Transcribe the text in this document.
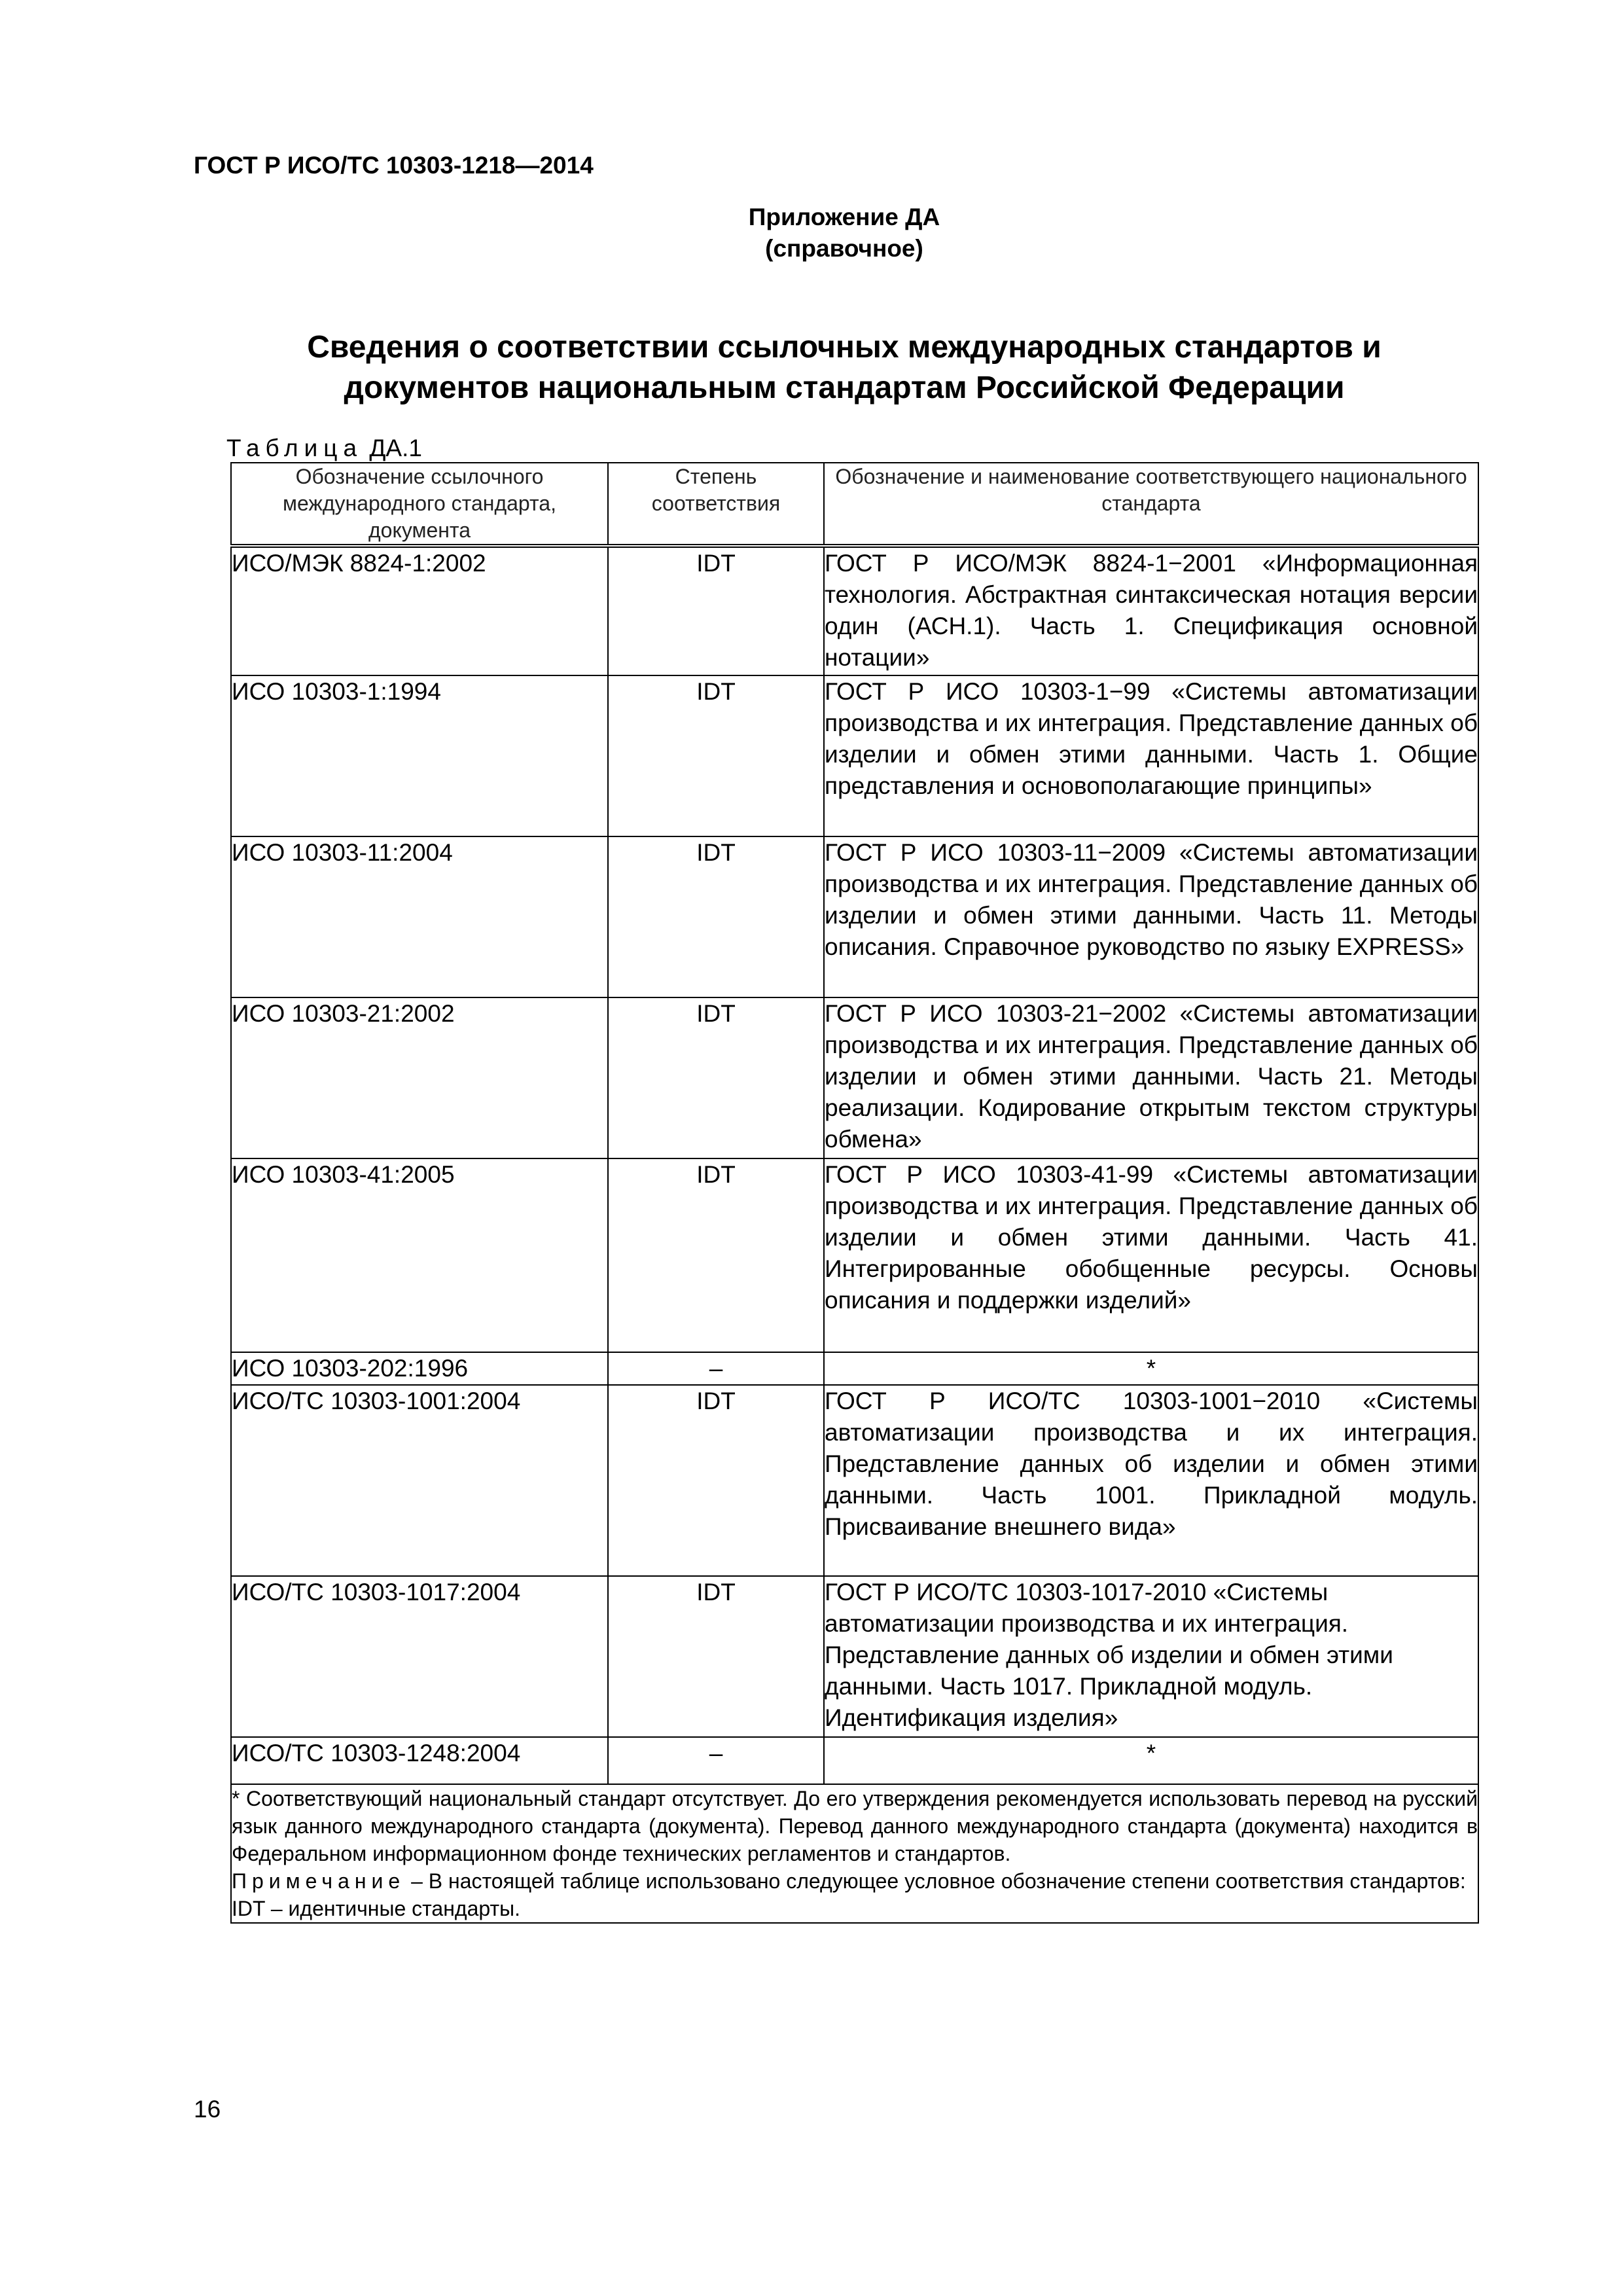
ГОСТ Р ИСО/ТС 10303-1218—2014
Приложение ДА
(справочное)
Сведения о соответствии ссылочных международных стандартов и
документов национальным стандартам Российской Федерации
Таблица ДА.1
Обозначение ссылочного международного стандарта, документа	Степень соответствия	Обозначение и наименование соответствующего национального стандарта
ИСО/МЭК 8824-1:2002	IDT	ГОСТ Р ИСО/МЭК 8824-1−2001 «Информационная технология. Абстрактная синтаксическая нотация версии один (АСН.1). Часть 1. Спецификация основной нотации»
ИСО 10303-1:1994	IDT	ГОСТ Р ИСО 10303-1−99 «Системы автоматизации производства и их интеграция. Представление данных об изделии и обмен этими данными. Часть 1. Общие представления и основополагающие принципы»
ИСО 10303-11:2004	IDT	ГОСТ Р ИСО 10303-11−2009 «Системы автоматизации производства и их интеграция. Представление данных об изделии и обмен этими данными. Часть 11. Методы описания. Справочное руководство по языку EXPRESS»
ИСО 10303-21:2002	IDT	ГОСТ Р ИСО 10303-21−2002 «Системы автоматизации производства и их интеграция. Представление данных об изделии и обмен этими данными. Часть 21. Методы реализации. Кодирование открытым текстом структуры обмена»
ИСО 10303-41:2005	IDT	ГОСТ Р ИСО 10303-41-99 «Системы автоматизации производства и их интеграция. Представление данных об изделии и обмен этими данными. Часть 41. Интегрированные обобщенные ресурсы. Основы описания и поддержки изделий»
ИСО 10303-202:1996	–	*
ИСО/ТС 10303-1001:2004	IDT	ГОСТ Р ИСО/ТС 10303-1001−2010 «Системы автоматизации производства и их интеграция. Представление данных об изделии и обмен этими данными. Часть 1001. Прикладной модуль. Присваивание внешнего вида»
ИСО/ТС 10303-1017:2004	IDT	ГОСТ Р ИСО/ТС 10303-1017-2010 «Системы автоматизации производства и их интеграция. Представление данных об изделии и обмен этими данными. Часть 1017. Прикладной модуль. Идентификация изделия»
ИСО/ТС 10303-1248:2004	–	*

* Соответствующий национальный стандарт отсутствует. До его утверждения рекомендуется использовать перевод на русский язык данного международного стандарта (документа). Перевод данного международного стандарта (документа) находится в Федеральном информационном фонде технических регламентов и стандартов.

Примечание – В настоящей таблице использовано следующее условное обозначение степени соответствия стандартов:

IDT – идентичные стандарты.		

16
